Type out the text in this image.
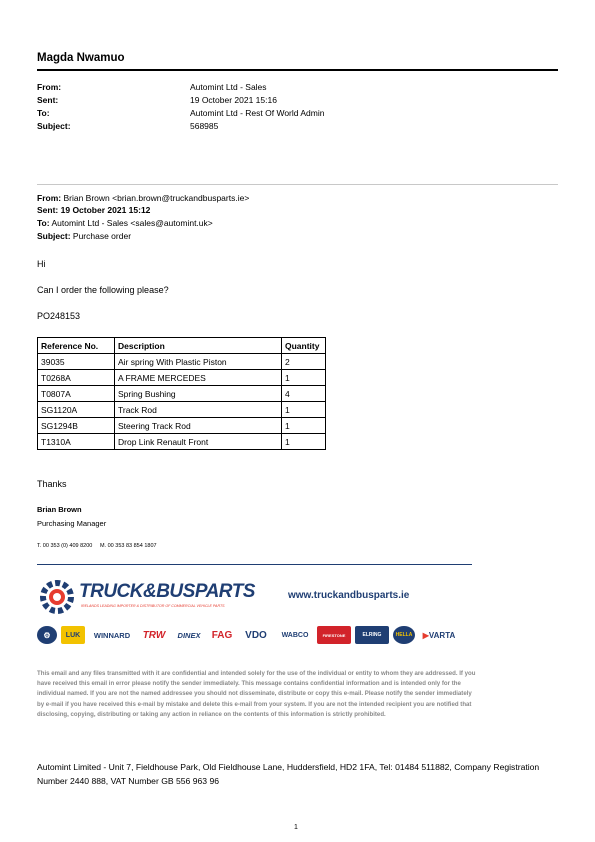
Magda Nwamuo
From:	Automint Ltd - Sales
Sent:	19 October 2021 15:16
To:	Automint Ltd - Rest Of World Admin
Subject:	568985
From: Brian Brown <brian.brown@truckandbusparts.ie>
Sent: 19 October 2021 15:12
To: Automint Ltd - Sales <sales@automint.uk>
Subject: Purchase order
Hi
Can I order the following please?
PO248153
Reference No.	Description	Quantity
39035	Air spring With Plastic Piston	2
T0268A	A FRAME MERCEDES	1
T0807A	Spring Bushing	4
SG1120A	Track Rod	1
SG1294B	Steering Track Rod	1
T1310A	Drop Link Renault Front	1
Thanks
Brian Brown
Purchasing Manager
T. 00 353 (0) 409 8200     M. 00 353 83 854 1807
TRUCK&BUSPARTS
IRELANDS LEADING IMPORTER & DISTRIBUTOR OF COMMERCIAL VEHICLE PARTS
www.truckandbusparts.ie
⚙	LUK	WINNARD	TRW	DINEX	FAG	VDO	WABCO	FIRESTONE	ELRING	HELLA	▶ VARTA
This email and any files transmitted with it are confidential and intended solely for the use of the individual or entity to whom they are addressed. If you have received this email in error please notify the sender immediately. This message contains confidential information and is intended only for the individual named. If you are not the named addressee you should not disseminate, distribute or copy this e-mail. Please notify the sender immediately by e-mail if you have received this e-mail by mistake and delete this e-mail from your system. If you are not the intended recipient you are notified that disclosing, copying, distributing or taking any action in reliance on the contents of this information is strictly prohibited.
Automint Limited - Unit 7, Fieldhouse Park, Old Fieldhouse Lane, Huddersfield, HD2 1FA, Tel: 01484 511882, Company Registration Number 2440 888, VAT Number GB 556 963 96
1
